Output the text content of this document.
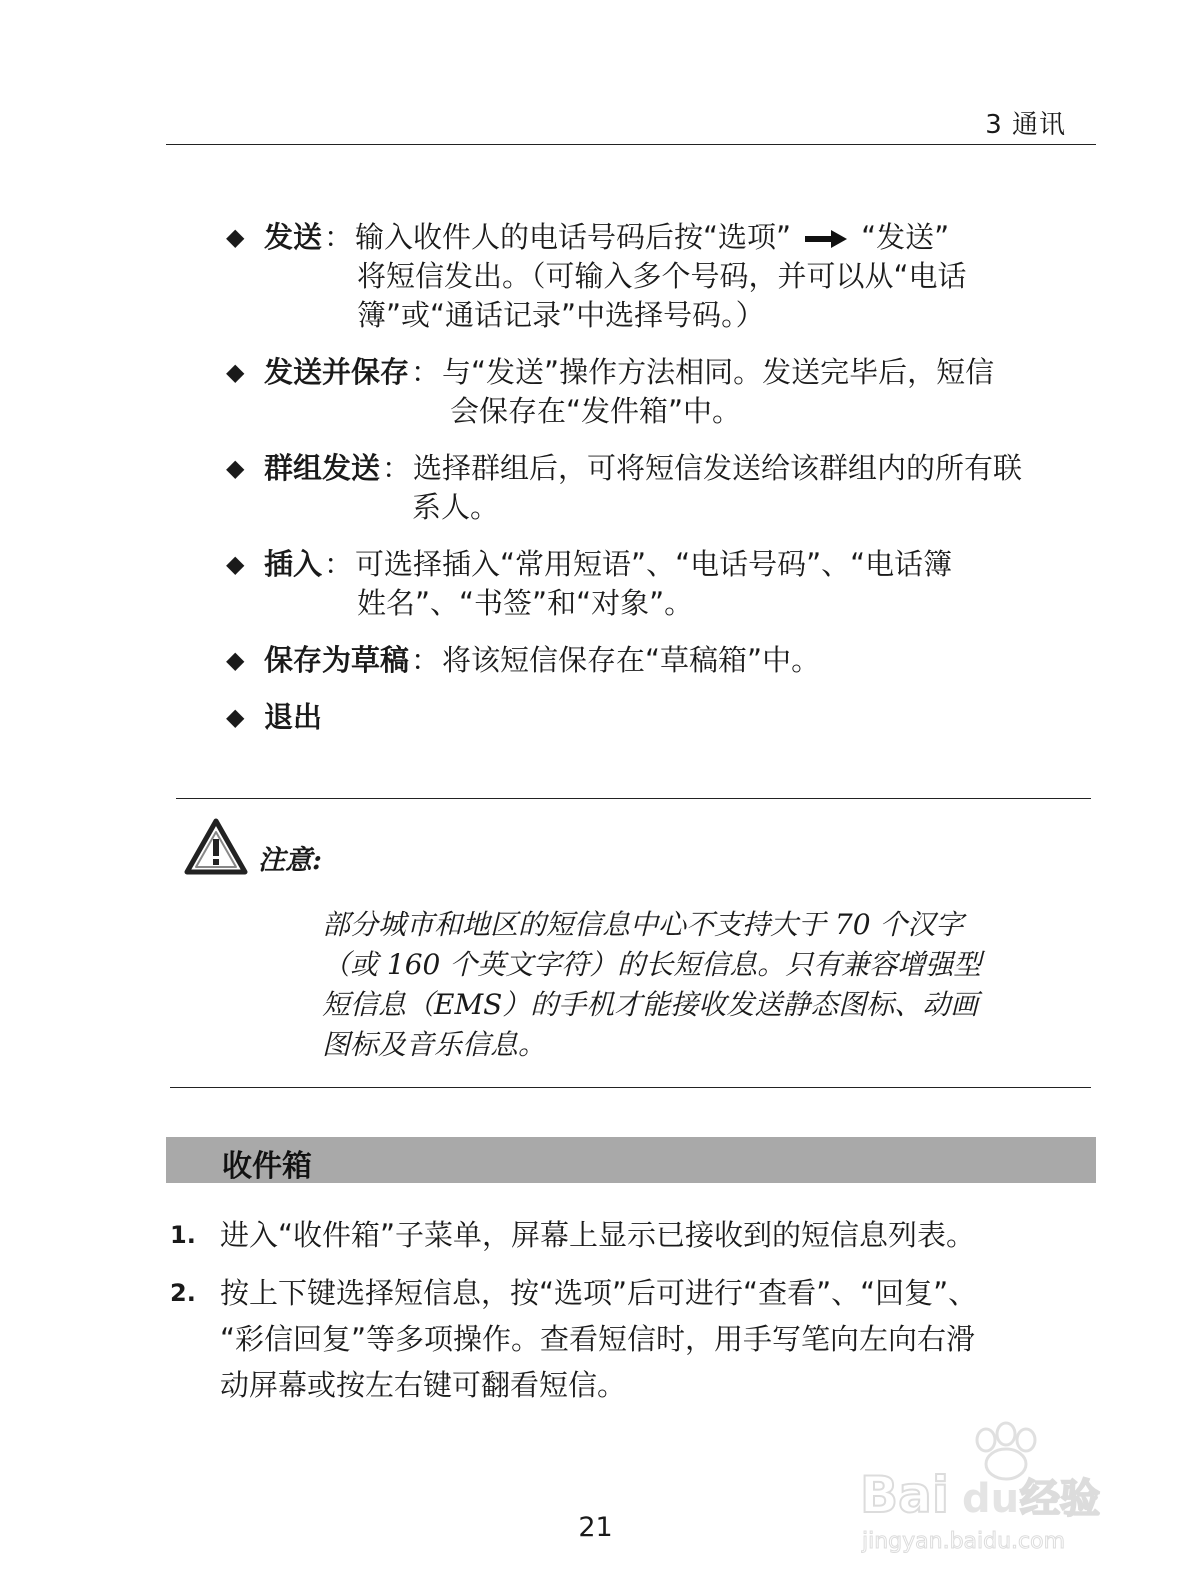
3 通讯
◆ 发送：输入收件人的电话号码后按“选项” “发送”
将短信发出。（可输入多个号码，并可以从“电话
簿”或“通话记录”中选择号码。）
◆ 发送并保存：与“发送”操作方法相同。发送完毕后，短信
会保存在“发件箱”中。
◆ 群组发送：选择群组后，可将短信发送给该群组内的所有联
系人。
◆ 插入：可选择插入“常用短语”、“电话号码”、“电话簿
姓名”、“书签”和“对象”。
◆ 保存为草稿：将该短信保存在“草稿箱”中。
◆ 退出
注意:
部分城市和地区的短信息中心不支持大于 70 个汉字
（或 160 个英文字符）的长短信息。只有兼容增强型
短信息（EMS）的手机才能接收发送静态图标、动画
图标及音乐信息。
收件箱
1. 进入“收件箱”子菜单，屏幕上显示已接收到的短信息列表。
2. 按上下键选择短信息，按“选项”后可进行“查看”、“回复”、
“彩信回复”等多项操作。查看短信时，用手写笔向左向右滑
动屏幕或按左右键可翻看短信。
21
Bai du 经验
jingyan.baidu.com
